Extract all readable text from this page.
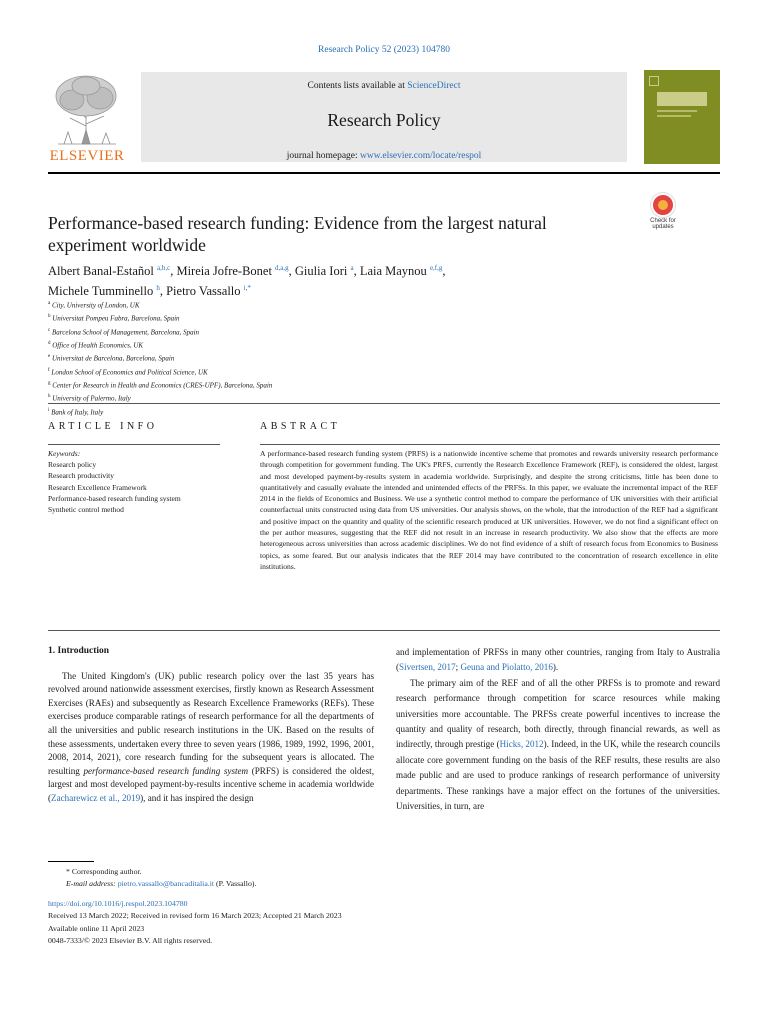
Research Policy 52 (2023) 104780
ELSEVIER
Contents lists available at ScienceDirect
Research Policy
journal homepage: www.elsevier.com/locate/respol
Performance-based research funding: Evidence from the largest natural experiment worldwide
Check for
updates
Albert Banal-Estañol $^{a,b,c}$, Mireia Jofre-Bonet $^{d,a,g}$, Giulia Iori $^a$, Laia Maynou $^{e,f,g}$,
Michele Tumminello $^h$, Pietro Vassallo $^{i,*}$
$^a$ City, University of London, UK
$^b$ Universitat Pompeu Fabra, Barcelona, Spain
$^c$ Barcelona School of Management, Barcelona, Spain
$^d$ Office of Health Economics, UK
$^e$ Universitat de Barcelona, Barcelona, Spain
$^f$ London School of Economics and Political Science, UK
$^g$ Center for Research in Health and Economics (CRES-UPF), Barcelona, Spain
$^h$ University of Palermo, Italy
$^i$ Bank of Italy, Italy
ARTICLE INFO	ABSTRACT
Keywords:
Research policy
Research productivity
Research Excellence Framework
Performance-based research funding system
Synthetic control method
A performance-based research funding system (PRFS) is a nationwide incentive scheme that promotes and rewards university research performance through competition for government funding. The UK's PRFS, currently the Research Excellence Framework (REF), is considered the oldest, largest and most developed payment-by-results system in academia worldwide. Surprisingly, and despite the strong criticisms, little has been done to quantitatively and casually evaluate the intended and unintended effects of the PRFSs. In this paper, we evaluate the incremental impact of the REF 2014 in the fields of Economics and Business. We use a synthetic control method to compare the performance of UK universities with their artificial counterfactual units constructed using data from US universities. Our analysis shows, on the whole, that the introduction of the REF had a significant and positive impact on the quantity and quality of the scientific research produced at UK universities. However, we do not find a significant effect on the per author measures, suggesting that the REF did not result in an increase in research productivity. We also show that the effects are more heterogeneous across universities than across academic disciplines. We do not find evidence of a shift of research focus from Economics to Business topics, as some feared. But our analysis indicates that the REF 2014 may have contributed to the concentration of research excellence in elite institutions.
1. Introduction

The United Kingdom's (UK) public research policy over the last 35 years has revolved around nationwide assessment exercises, firstly known as Research Assessment Exercises (RAEs) and subsequently as Research Excellence Frameworks (REFs). These exercises produce comparable ratings of research performance for all the departments of all the universities and public research institutions in the UK. Based on the results of these assessments, undertaken every three to seven years (1986, 1989, 1992, 1996, 2001, 2008, 2014, 2021), core research funding for the subsequent years is allocated. The resulting performance-based research funding system (PRFS) is considered the oldest, largest and most developed payment-by-results incentive scheme in academia worldwide (Zacharewicz et al., 2019), and it has inspired the design

and implementation of PRFSs in many other countries, ranging from Italy to Australia (Sivertsen, 2017; Geuna and Piolatto, 2016).

The primary aim of the REF and of all the other PRFSs is to promote and reward research performance through competition for scarce resources while making universities more accountable. The PRFSs create powerful incentives to increase the quantity and quality of research, both directly, through financial rewards, as well as indirectly, through prestige (Hicks, 2012). Indeed, in the UK, while the research councils allocate core government funding on the basis of the REF results, these results are also made public and are used to produce rankings of research performance of university departments. These rankings have a major effect on the fortunes of the universities. Universities, in turn, are

* Corresponding author.
E-mail address: pietro.vassallo@bancaditalia.it (P. Vassallo).
https://doi.org/10.1016/j.respol.2023.104780
Received 13 March 2022; Received in revised form 16 March 2023; Accepted 21 March 2023
Available online 11 April 2023
0048-7333/© 2023 Elsevier B.V. All rights reserved.
